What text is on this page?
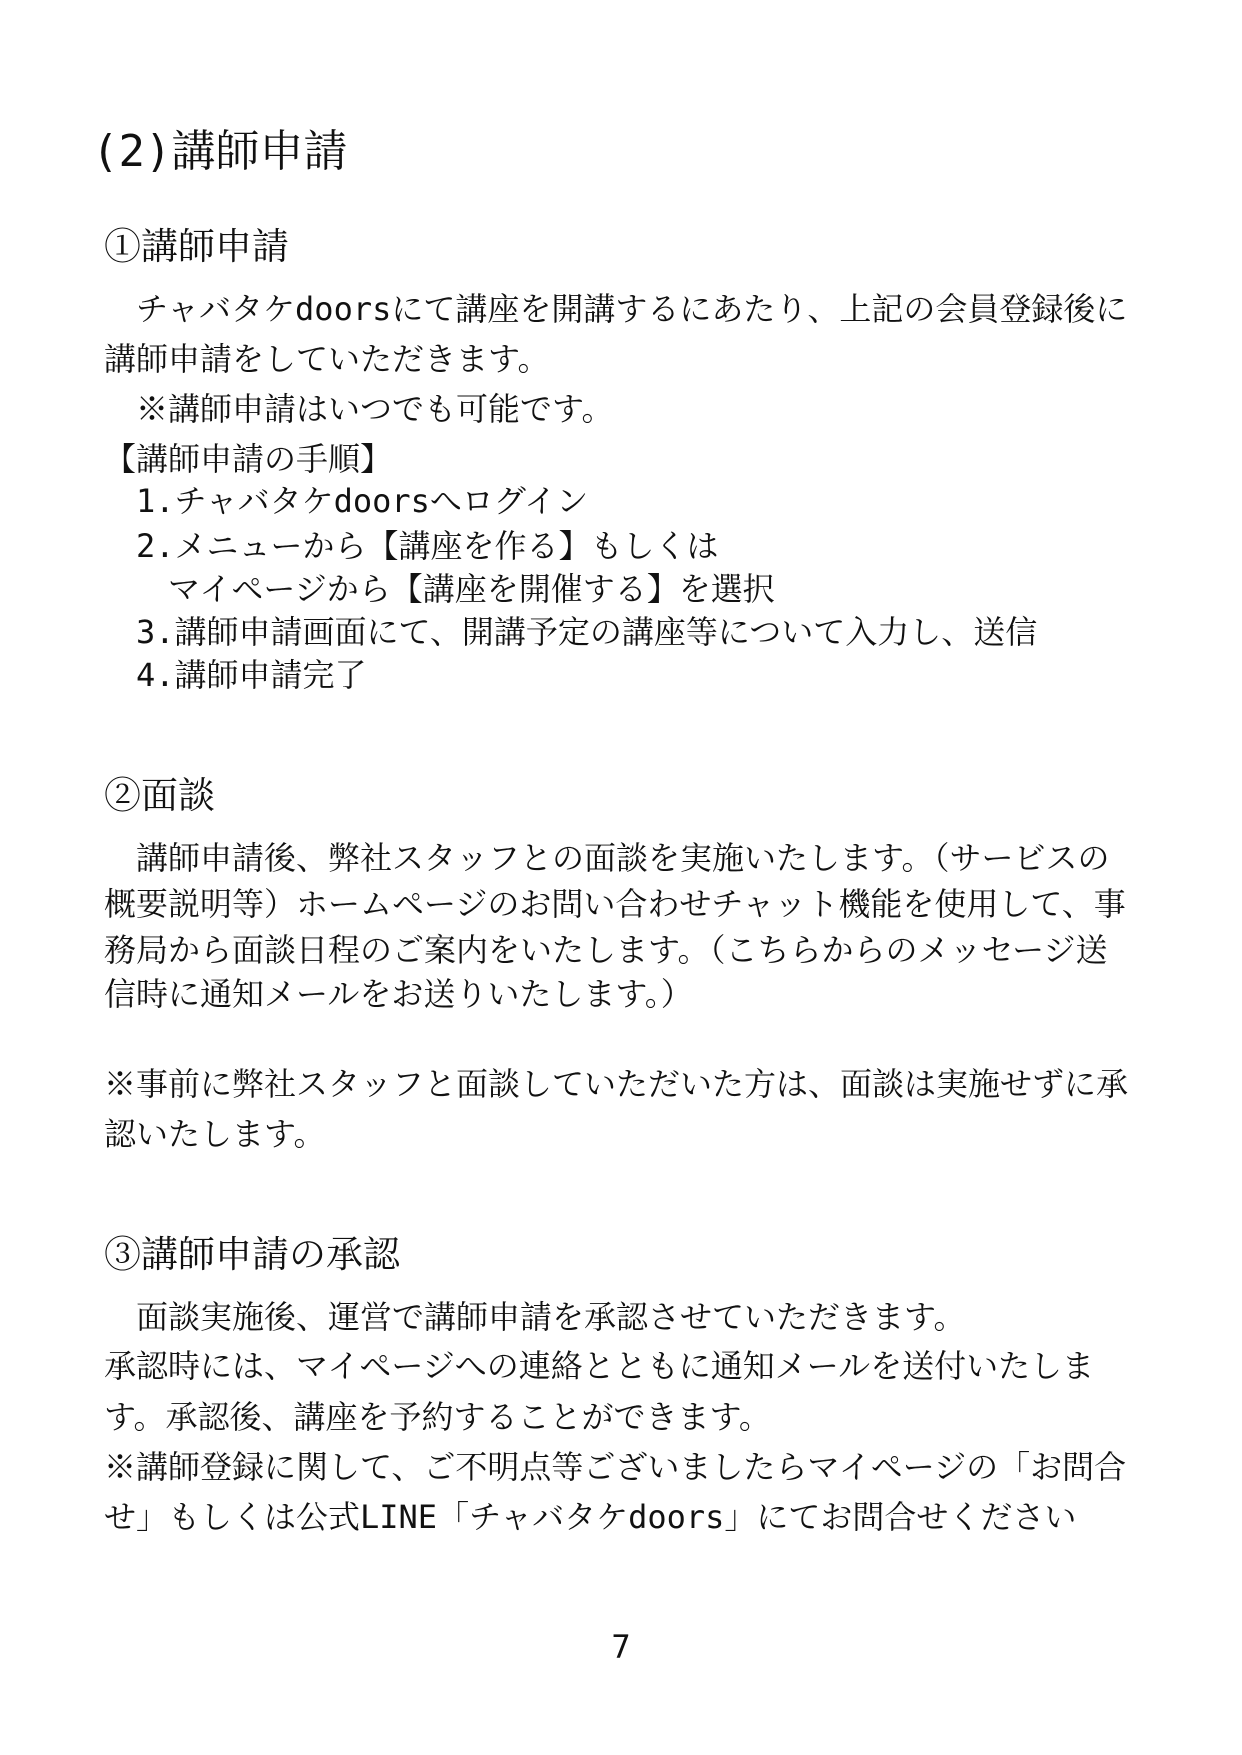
(2)講師申請
①講師申請
　チャバタケdoorsにて講座を開講するにあたり、上記の会員登録後に
講師申請をしていただきます。
　※講師申請はいつでも可能です。
【講師申請の手順】
　1.チャバタケdoorsへログイン
　2.メニューから【講座を作る】もしくは
　　マイページから【講座を開催する】を選択
　3.講師申請画面にて、開講予定の講座等について入力し、送信
　4.講師申請完了
②面談
　講師申請後、弊社スタッフとの面談を実施いたします。（サービスの
概要説明等）ホームページのお問い合わせチャット機能を使用して、事
務局から面談日程のご案内をいたします。（こちらからのメッセージ送
信時に通知メールをお送りいたします。）
※事前に弊社スタッフと面談していただいた方は、面談は実施せずに承
認いたします。
③講師申請の承認
　面談実施後、運営で講師申請を承認させていただきます。
承認時には、マイページへの連絡とともに通知メールを送付いたしま
す。承認後、講座を予約することができます。
※講師登録に関して、ご不明点等ございましたらマイページの「お問合
せ」もしくは公式LINE「チャバタケdoors」にてお問合せください
7
